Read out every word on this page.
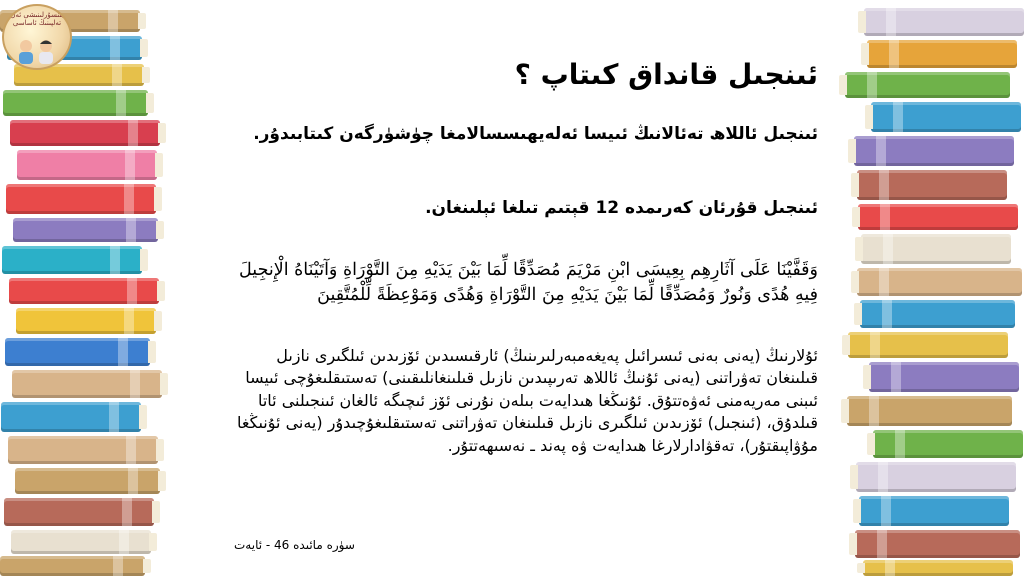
بلنسۇرلىنىشى ئەل تەلپىنىڭ ئاساسى
ئىنجىل قانداق كىتاپ ؟

ئىنجىل ئاللاھ تەئالانىڭ ئىيسا ئەلەيھىسسالامغا چۈشۈرگەن كىتابىدۇر.

ئىنجىل قۇرئان كەرىمدە 12 قېتىم تىلغا ئېلىنغان.

وَقَفَّيْنَا عَلَى آثَارِهِم بِعِيسَى ابْنِ مَرْيَمَ مُصَدِّقًا لِّمَا بَيْنَ يَدَيْهِ مِنَ التَّوْرَاةِ وَآتَيْنَاهُ الْإِنجِيلَ فِيهِ هُدًى وَنُورٌ وَمُصَدِّقًا لِّمَا بَيْنَ يَدَيْهِ مِنَ التَّوْرَاةِ وَهُدًى وَمَوْعِظَةً لِّلْمُتَّقِينَ

ئۇلارنىڭ (يەنى بەنى ئىسرائىل پەيغەمبەرلىرىنىڭ) ئارقىسىدىن ئۆزىدىن ئىلگىرى نازىل قىلىنغان تەۋراتنى (يەنى ئۇنىڭ ئاللاھ تەرىپىدىن نازىل قىلىنغانلىقىنى) تەستىقلىغۇچى ئىيسا ئىبنى مەريەمنى ئەۋەتتۇق. ئۇنىڭغا ھىدايەت بىلەن نۇرنى ئۆز ئىچىگە ئالغان ئىنجىلنى ئاتا قىلدۇق، (ئىنجىل) ئۆزىدىن ئىلگىرى نازىل قىلىنغان تەۋراتنى تەستىقلىغۇچىدۇر (يەنى ئۇنىڭغا مۇۋاپىقتۇر)، تەقۋادارلارغا ھىدايەت ۋە پەند ـ نەسىھەتتۇر.

سۈرە مائىدە 46 - ئايەت
